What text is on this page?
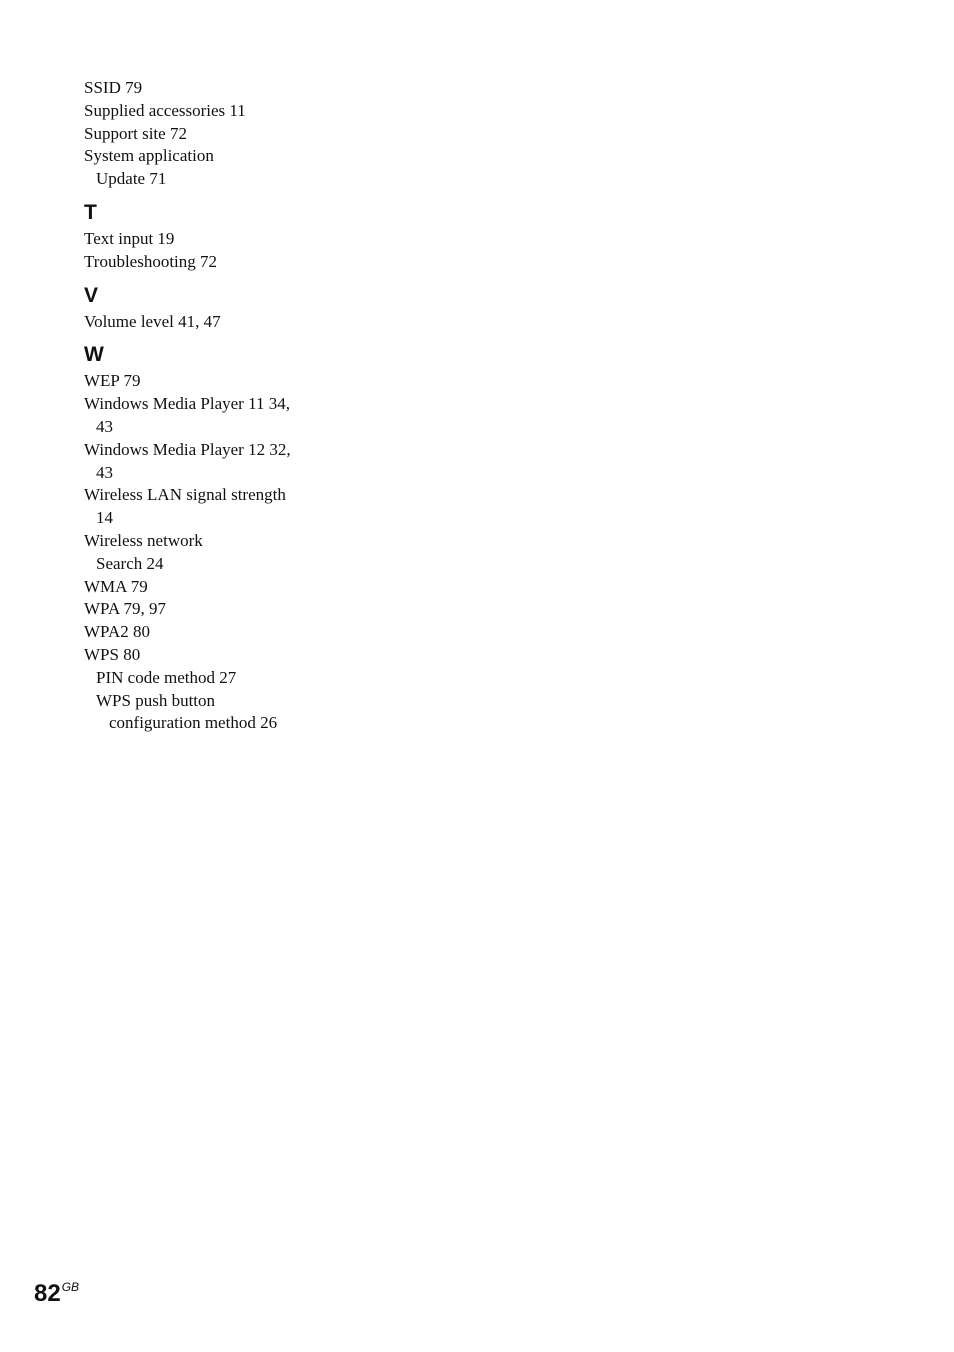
SSID 79
Supplied accessories 11
Support site 72
System application
Update 71
T
Text input 19
Troubleshooting 72
V
Volume level 41, 47
W
WEP 79
Windows Media Player 11 34,
43
Windows Media Player 12 32,
43
Wireless LAN signal strength
14
Wireless network
Search 24
WMA 79
WPA 79, 97
WPA2 80
WPS 80
PIN code method 27
WPS push button
configuration method 26
$82^{GB}$
